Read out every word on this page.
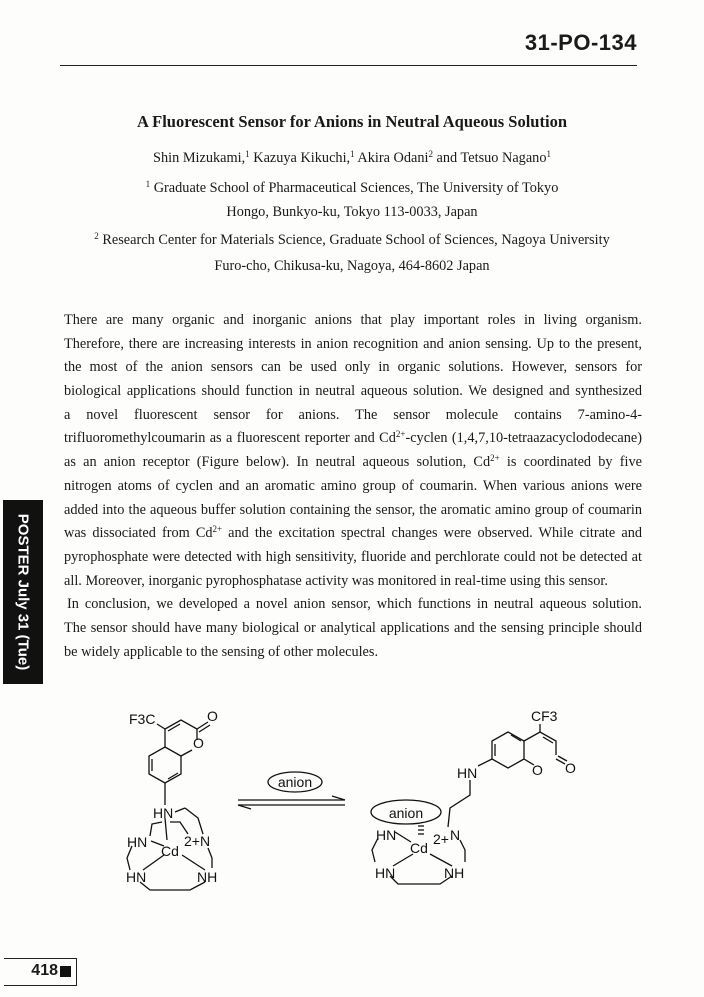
31-PO-134
A Fluorescent Sensor for Anions in Neutral Aqueous Solution
Shin Mizukami,$^1$ Kazuya Kikuchi,$^1$ Akira Odani$^2$ and Tetsuo Nagano$^1$
$^1$ Graduate School of Pharmaceutical Sciences, The University of Tokyo
Hongo, Bunkyo-ku, Tokyo 113-0033, Japan
$^2$ Research Center for Materials Science, Graduate School of Sciences, Nagoya University
Furo-cho, Chikusa-ku, Nagoya, 464-8602 Japan
There are many organic and inorganic anions that play important roles in living organism.
Therefore, there are increasing interests in anion recognition and anion sensing. Up to the present,
the most of the anion sensors can be used only in organic solutions. However, sensors for
biological applications should function in neutral aqueous solution. We designed and synthesized
a novel fluorescent sensor for anions. The sensor molecule contains 7-amino-4-
trifluoromethylcoumarin as a fluorescent reporter and $Cd^{2+}$-cyclen (1,4,7,10-tetraazacyclododecane)
as an anion receptor (Figure below). In neutral aqueous solution, $Cd^{2+}$ is coordinated by five
nitrogen atoms of cyclen and an aromatic amino group of coumarin. When various anions were
added into the aqueous buffer solution containing the sensor, the aromatic amino group of coumarin
was dissociated from $Cd^{2+}$ and the excitation spectral changes were observed. While citrate and
pyrophosphate were detected with high sensitivity, fluoride and perchlorate could not be detected at
all. Moreover, inorganic pyrophosphatase activity was monitored in real-time using this sensor.
In conclusion, we developed a novel anion sensor, which functions in neutral aqueous solution.
The sensor should have many biological or analytical applications and the sensing principle should
be widely applicable to the sensing of other molecules.
F3C	O
O
HN
HN	N
Cd
2+
HN	NH
anion
CF3
O O
HN
anion
HN	N
Cd
2+
HN	NH
POSTER July 31 (Tue)
418
